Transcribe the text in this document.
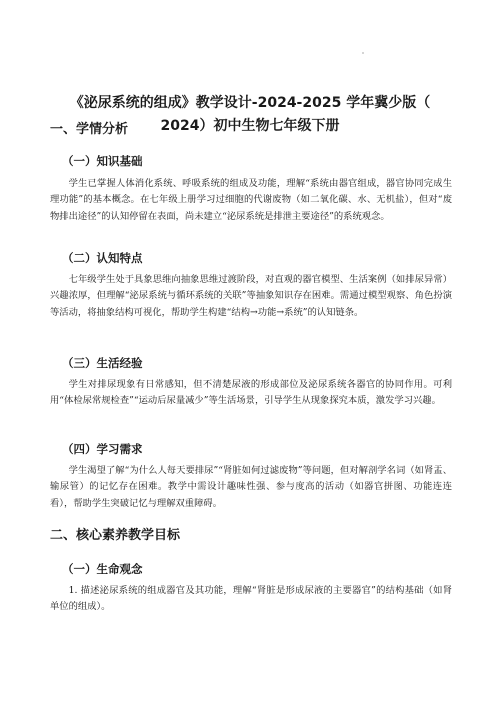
《泌尿系统的组成》教学设计-2024-2025 学年冀少版（
2024）初中生物七年级下册
一、学情分析
（一）知识基础
学生已掌握人体消化系统、呼吸系统的组成及功能，理解“系统由器官组成，器官协同完成生理功能”的基本概念。在七年级上册学习过细胞的代谢废物（如二氧化碳、水、无机盐），但对“废物排出途径”的认知停留在表面，尚未建立“泌尿系统是排泄主要途径”的系统观念。
（二）认知特点
七年级学生处于具象思维向抽象思维过渡阶段，对直观的器官模型、生活案例（如排尿异常）兴趣浓厚，但理解“泌尿系统与循环系统的关联”等抽象知识存在困难。需通过模型观察、角色扮演等活动，将抽象结构可视化，帮助学生构建“结构→功能→系统”的认知链条。
（三）生活经验
学生对排尿现象有日常感知，但不清楚尿液的形成部位及泌尿系统各器官的协同作用。可利用“体检尿常规检查”“运动后尿量减少”等生活场景，引导学生从现象探究本质，激发学习兴趣。
（四）学习需求
学生渴望了解“为什么人每天要排尿”“肾脏如何过滤废物”等问题，但对解剖学名词（如肾盂、输尿管）的记忆存在困难。教学中需设计趣味性强、参与度高的活动（如器官拼图、功能连连看），帮助学生突破记忆与理解双重障碍。
二、核心素养教学目标
（一）生命观念
1. 描述泌尿系统的组成器官及其功能，理解“肾脏是形成尿液的主要器官”的结构基础（如肾单位的组成）。
